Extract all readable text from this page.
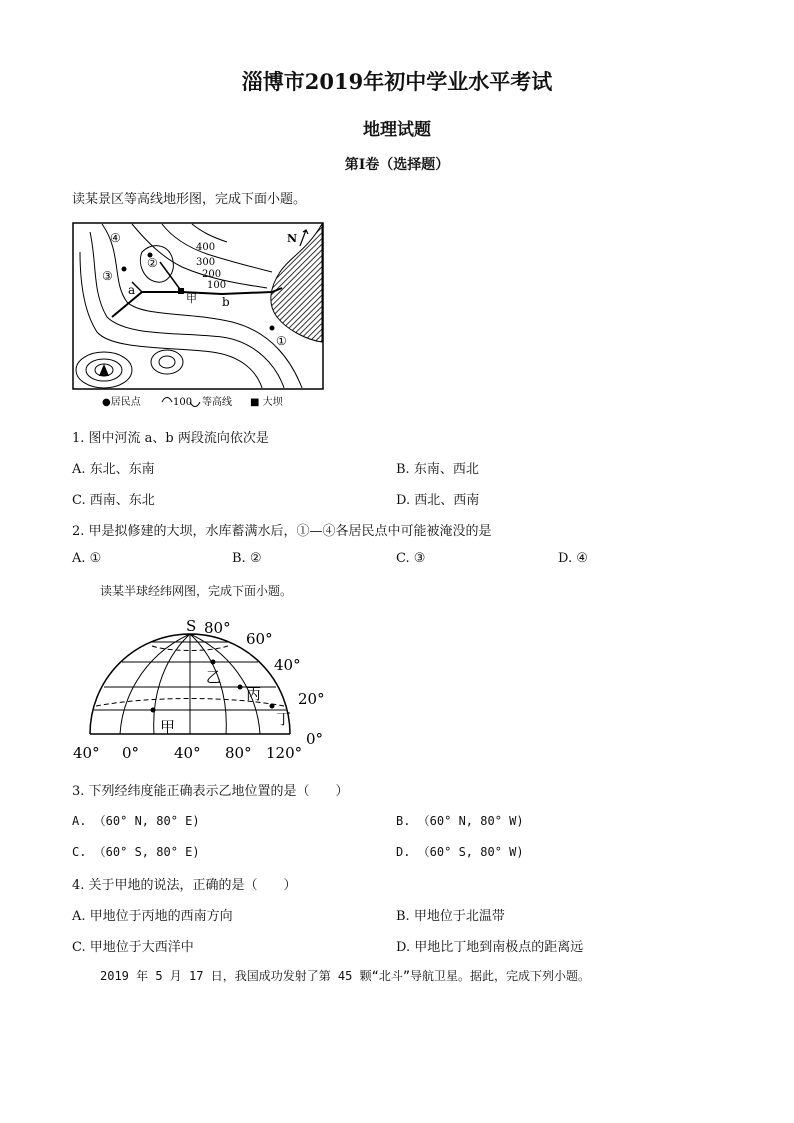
淄博市2019年初中学业水平考试
地理试题
第Ⅰ卷（选择题）
读某景区等高线地形图，完成下面小题。
④
②
③
①
400
300
200
100
a
b
甲
N
●居民点	100 等高线 ■ 大坝
1. 图中河流 a、b 两段流向依次是
A. 东北、东南	B. 东南、西北
C. 西南、东北	D. 西北、西南
2. 甲是拟修建的大坝，水库蓄满水后，①—④各居民点中可能被淹没的是
A. ①	B. ②	C. ③	D. ④
读某半球经纬网图，完成下面小题。
S 80°
60°
40°
20°
0°
40° 0° 40° 80° 120°
甲
乙
丙
丁
3. 下列经纬度能正确表示乙地位置的是（　　）
A. （60° N, 80° E)	B. （60° N, 80° W)
C. （60° S, 80° E)	D. （60° S, 80° W)
4. 关于甲地的说法，正确的是（　　）
A. 甲地位于丙地的西南方向	B. 甲地位于北温带
C. 甲地位于大西洋中	D. 甲地比丁地到南极点的距离远
2019 年 5 月 17 日，我国成功发射了第 45 颗“北斗”导航卫星。据此，完成下列小题。
